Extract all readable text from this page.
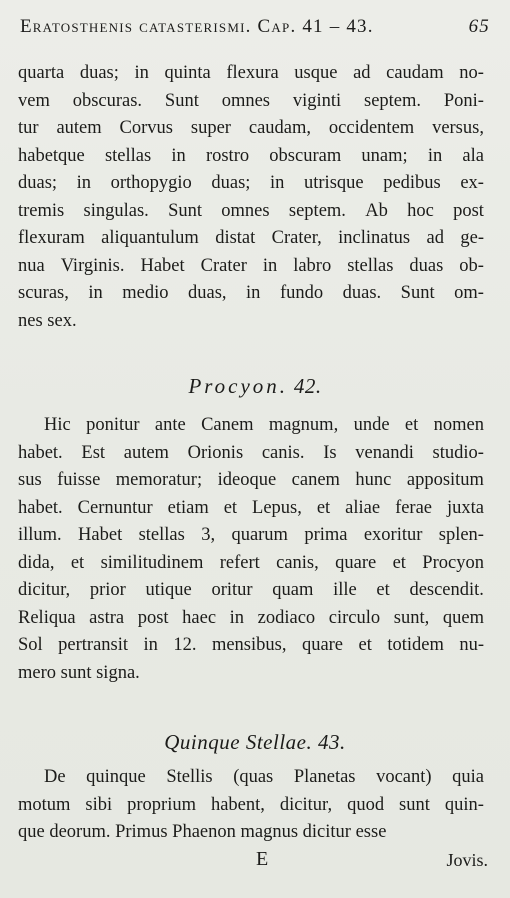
Eratosthenis catasterismi. Cap. 41 – 43.	65
quarta duas; in quinta flexura usque ad caudam no-
vem obscuras. Sunt omnes viginti septem. Poni-
tur autem Corvus super caudam, occidentem versus,
habetque stellas in rostro obscuram unam; in ala
duas; in orthopygio duas; in utrisque pedibus ex-
tremis singulas. Sunt omnes septem. Ab hoc post
flexuram aliquantulum distat Crater, inclinatus ad ge-
nua Virginis. Habet Crater in labro stellas duas ob-
scuras, in medio duas, in fundo duas. Sunt om-
nes sex.
Procyon. 42.
Hic ponitur ante Canem magnum, unde et nomen
habet. Est autem Orionis canis. Is venandi studio-
sus fuisse memoratur; ideoque canem hunc appositum
habet. Cernuntur etiam et Lepus, et aliae ferae juxta
illum. Habet stellas 3, quarum prima exoritur splen-
dida, et similitudinem refert canis, quare et Procyon
dicitur, prior utique oritur quam ille et descendit.
Reliqua astra post haec in zodiaco circulo sunt, quem
Sol pertransit in 12. mensibus, quare et totidem nu-
mero sunt signa.
Quinque Stellae. 43.
De quinque Stellis (quas Planetas vocant) quia
motum sibi proprium habent, dicitur, quod sunt quin-
que deorum. Primus Phaenon magnus dicitur esse
E	Jovis.
